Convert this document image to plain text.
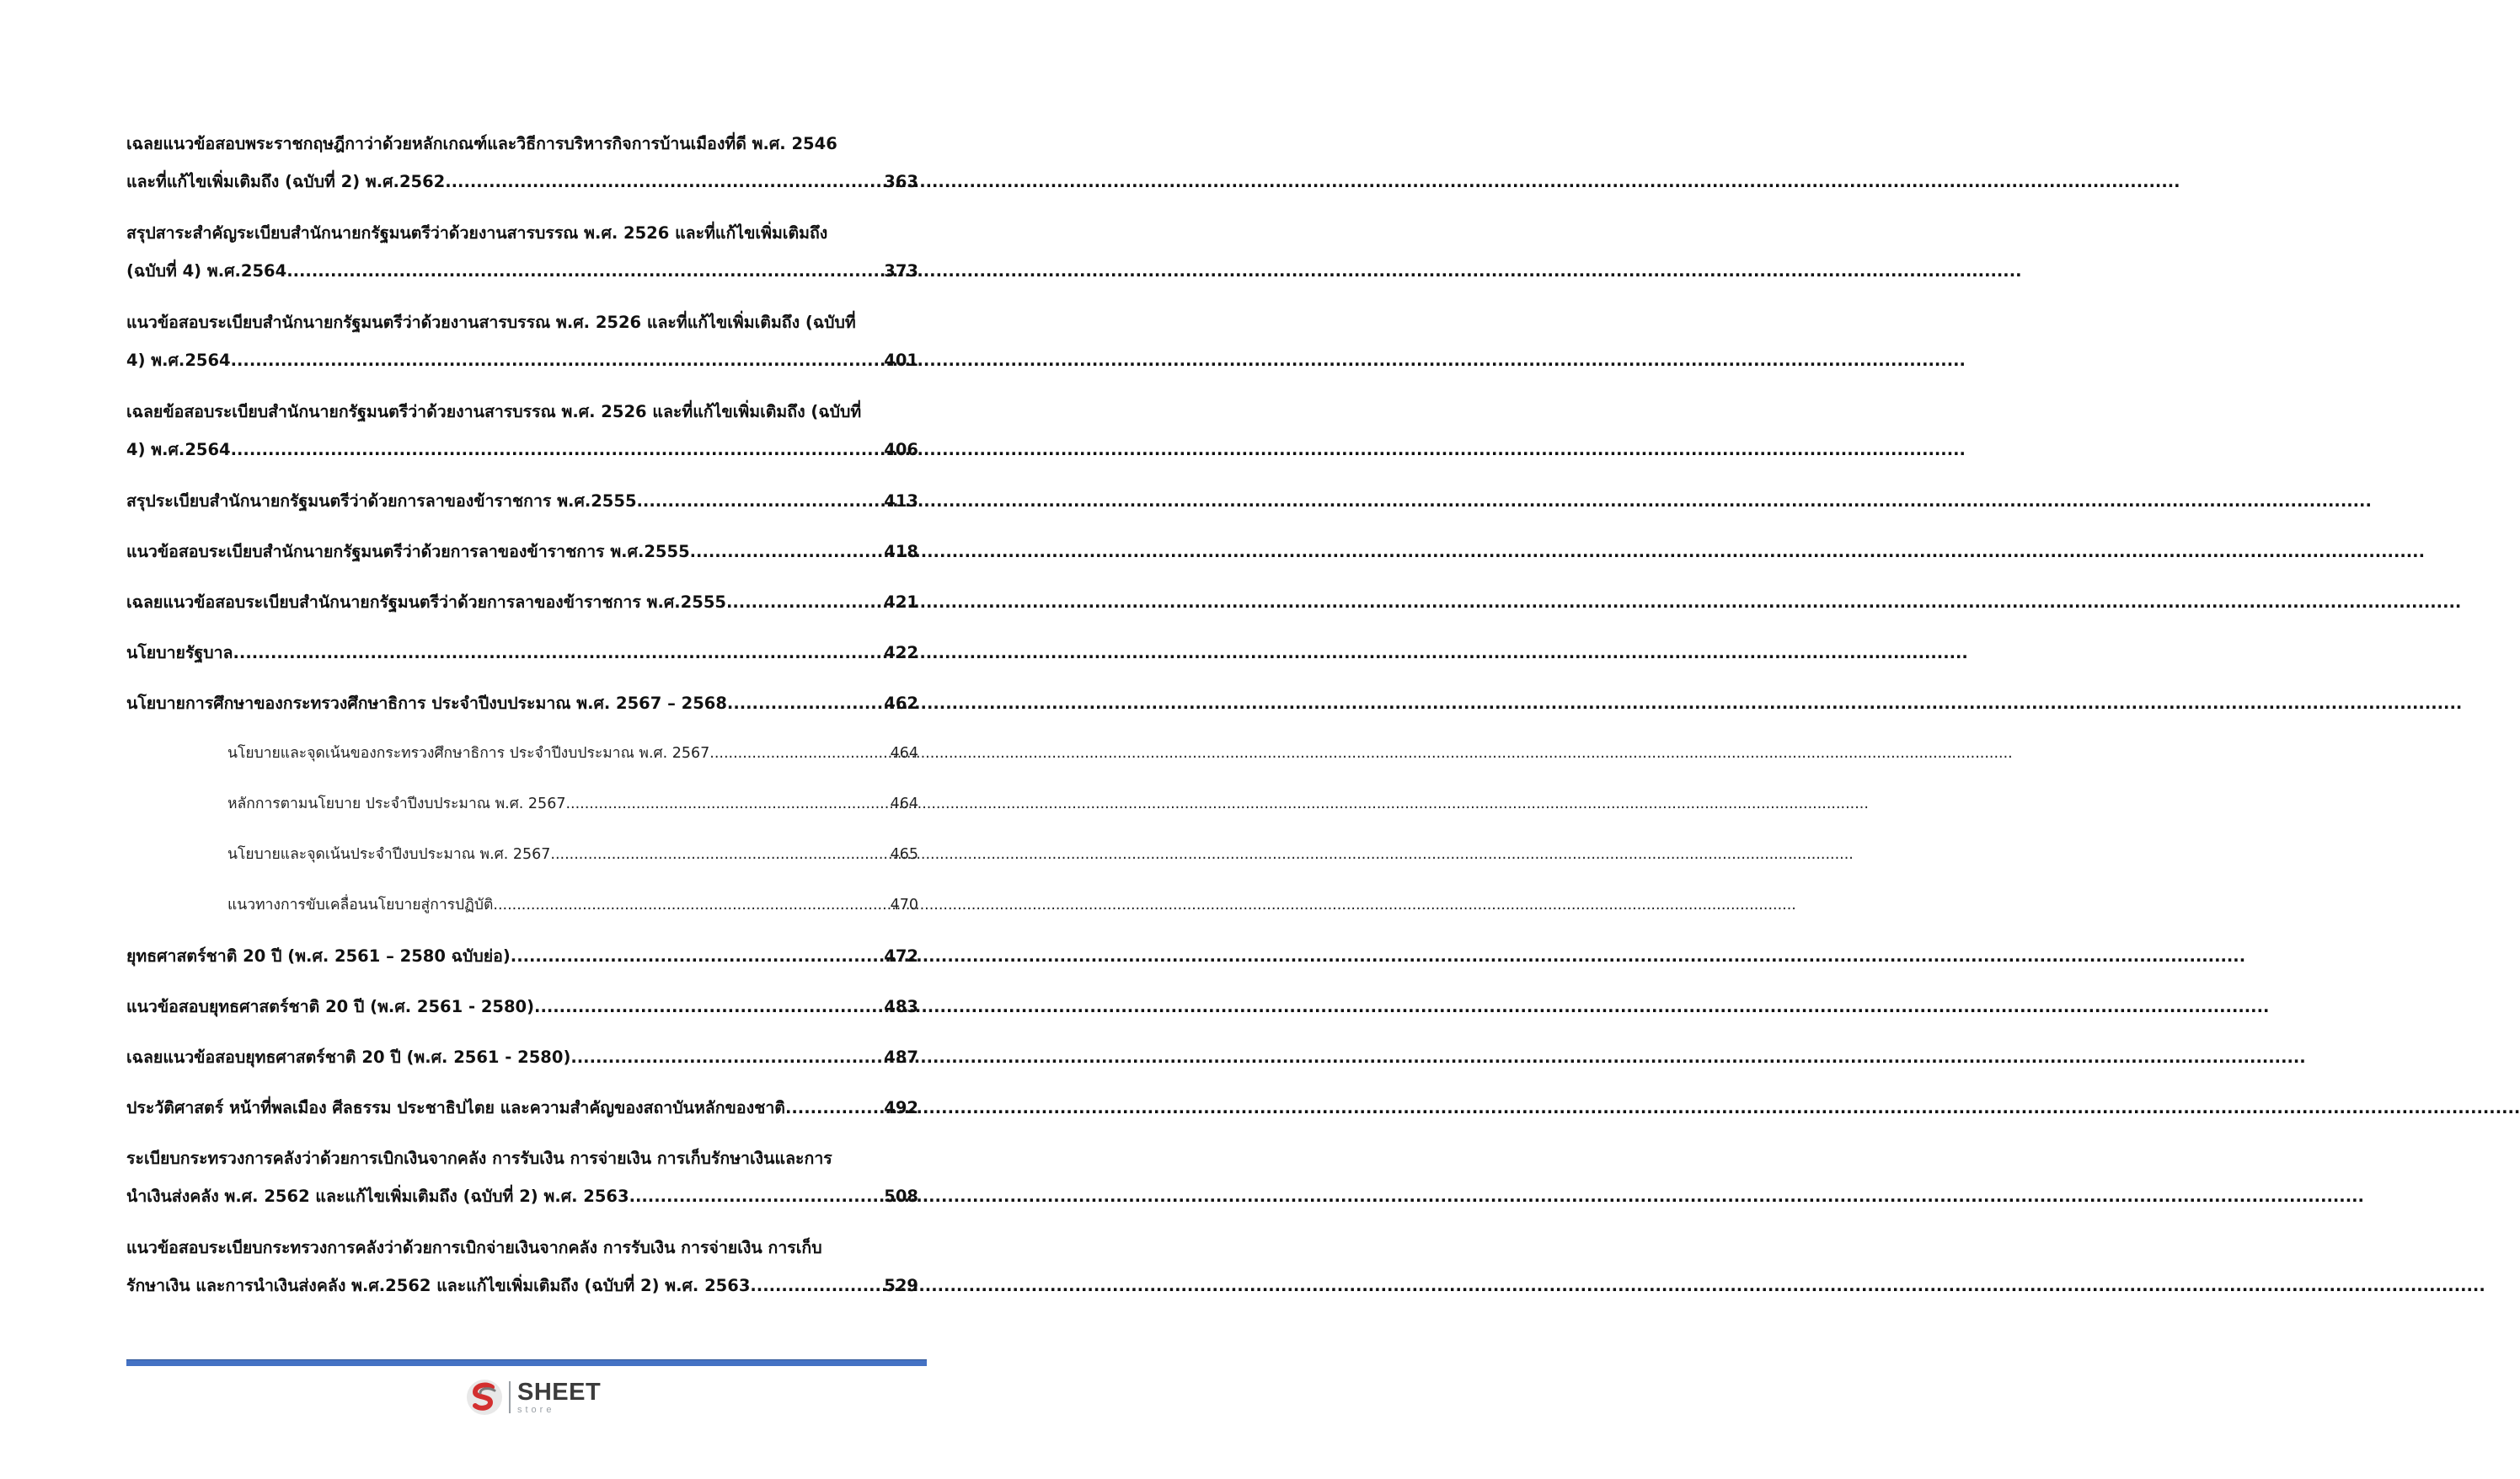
เฉลยแนวข้อสอบพระราชกฤษฎีกาว่าด้วยหลักเกณฑ์และวิธีการบริหารกิจการบ้านเมืองที่ดี พ.ศ. 2546
และที่แก้ไขเพิ่มเติมถึง (ฉบับที่ 2) พ.ศ.2562 .....	363
สรุปสาระสำคัญระเบียบสำนักนายกรัฐมนตรีว่าด้วยงานสารบรรณ พ.ศ. 2526 และที่แก้ไขเพิ่มเติมถึง
(ฉบับที่ 4) พ.ศ.2564 .....	373
แนวข้อสอบระเบียบสำนักนายกรัฐมนตรีว่าด้วยงานสารบรรณ พ.ศ. 2526 และที่แก้ไขเพิ่มเติมถึง (ฉบับที่
4) พ.ศ.2564 .....	401
เฉลยข้อสอบระเบียบสำนักนายกรัฐมนตรีว่าด้วยงานสารบรรณ พ.ศ. 2526 และที่แก้ไขเพิ่มเติมถึง (ฉบับที่
4) พ.ศ.2564 .....	406
สรุประเบียบสำนักนายกรัฐมนตรีว่าด้วยการลาของข้าราชการ พ.ศ.2555 .....	413
แนวข้อสอบระเบียบสำนักนายกรัฐมนตรีว่าด้วยการลาของข้าราชการ พ.ศ.2555 .....	418
เฉลยแนวข้อสอบระเบียบสำนักนายกรัฐมนตรีว่าด้วยการลาของข้าราชการ พ.ศ.2555 .....	421
นโยบายรัฐบาล .....	422
นโยบายการศึกษาของกระทรวงศึกษาธิการ ประจำปีงบประมาณ พ.ศ. 2567 – 2568 .....	462
นโยบายและจุดเน้นของกระทรวงศึกษาธิการ ประจำปีงบประมาณ พ.ศ. 2567 .....	464
หลักการตามนโยบาย ประจำปีงบประมาณ พ.ศ. 2567 .....	464
นโยบายและจุดเน้นประจำปีงบประมาณ พ.ศ. 2567 .....	465
แนวทางการขับเคลื่อนนโยบายสู่การปฏิบัติ .....	470
ยุทธศาสตร์ชาติ 20 ปี (พ.ศ. 2561 – 2580 ฉบับย่อ) .....	472
แนวข้อสอบยุทธศาสตร์ชาติ 20 ปี (พ.ศ. 2561 - 2580) .....	483
เฉลยแนวข้อสอบยุทธศาสตร์ชาติ 20 ปี (พ.ศ. 2561 - 2580) .....	487
ประวัติศาสตร์ หน้าที่พลเมือง ศีลธรรม ประชาธิปไตย และความสำคัญของสถาบันหลักของชาติ .....	492
ระเบียบกระทรวงการคลังว่าด้วยการเบิกเงินจากคลัง การรับเงิน การจ่ายเงิน การเก็บรักษาเงินและการ
นำเงินส่งคลัง พ.ศ. 2562 และแก้ไขเพิ่มเติมถึง (ฉบับที่ 2) พ.ศ. 2563 .....	508
แนวข้อสอบระเบียบกระทรวงการคลังว่าด้วยการเบิกจ่ายเงินจากคลัง การรับเงิน การจ่ายเงิน การเก็บ
รักษาเงิน และการนำเงินส่งคลัง พ.ศ.2562 และแก้ไขเพิ่มเติมถึง (ฉบับที่ 2) พ.ศ. 2563 .....	529
SHEET
store
